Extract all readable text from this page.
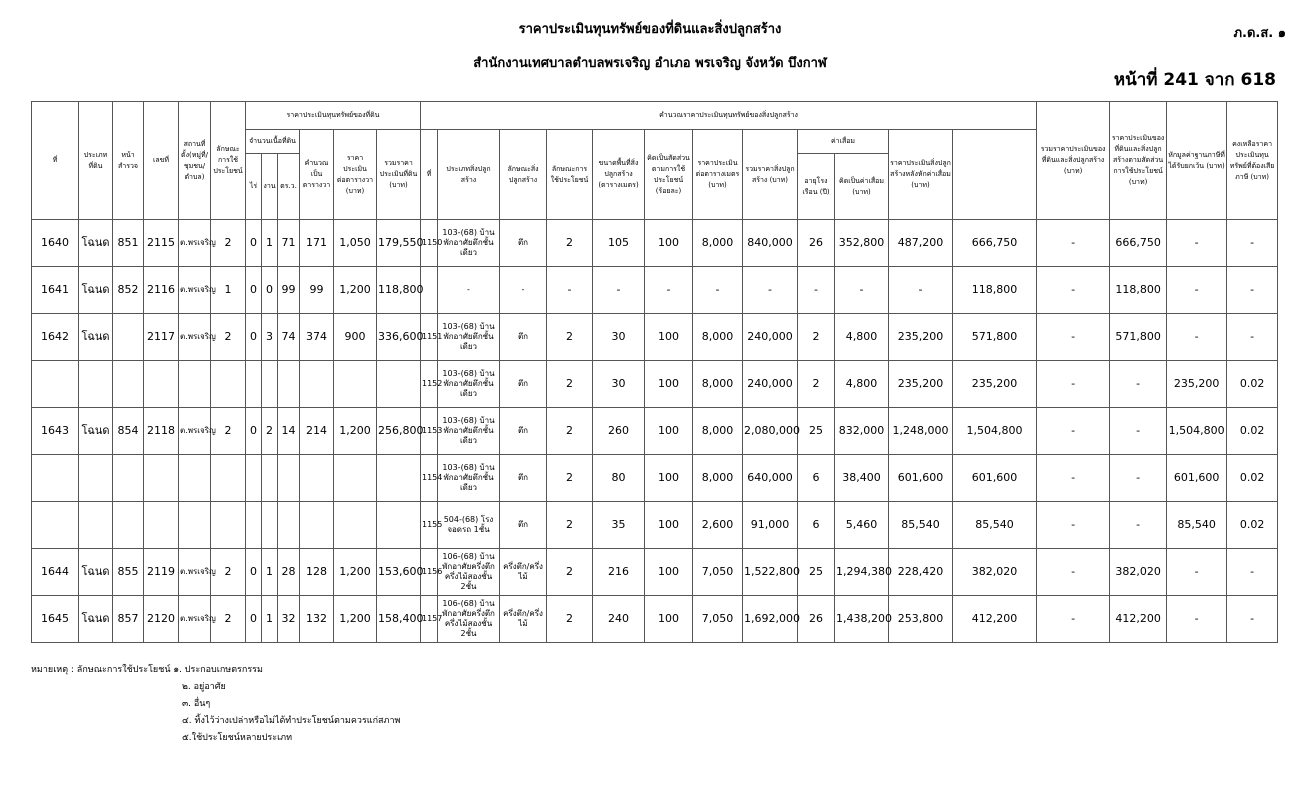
ราคาประเมินทุนทรัพย์ของที่ดินและสิ่งปลูกสร้าง
สำนักงานเทศบาลตำบลพรเจริญ อำเภอ พรเจริญ จังหวัด บึงกาฬ
ภ.ด.ส. ๑
หน้าที่ 241 จาก 618
ที่	ประเภทที่ดิน	หน้าสำรวจ	เลขที่	สถานที่ตั้ง(หมู่ที่/ชุมชน/ตำบล)	ลักษณะการใช้ประโยชน์	ราคาประเมินทุนทรัพย์ของที่ดิน						คำนวณราคาประเมินทุนทรัพย์ของสิ่งปลูกสร้าง												รวมราคาประเมินของที่ดินและสิ่งปลูกสร้าง (บาท)	ราคาประเมินของที่ดินและสิ่งปลูกสร้างตามสัดส่วนการใช้ประโยชน์ (บาท)	หักมูลค่าฐานภาษีที่ได้รับยกเว้น (บาท)	คงเหลือราคาประเมินทุนทรัพย์ที่ต้องเสียภาษี (บาท)	
						จำนวนเนื้อที่ดิน			คำนวณเป็นตารางวา	ราคาประเมินต่อตารางวา (บาท)	รวมราคาประเมินที่ดิน (บาท)	ที่	ประเภทสิ่งปลูกสร้าง	ลักษณะสิ่งปลูกสร้าง	ลักษณะการใช้ประโยชน์	ขนาดพื้นที่สิ่งปลูกสร้าง (ตารางเมตร)	คิดเป็นสัดส่วนตามการใช้ประโยชน์ (ร้อยละ)	ราคาประเมินต่อตารางเมตร (บาท)	รวมราคาสิ่งปลูกสร้าง (บาท)	ค่าเสื่อม		ราคาประเมินสิ่งปลูกสร้างหลังหักค่าเสื่อม (บาท)						
						ไร่	งาน	ตร.ว.												อายุโรงเรือน (ปี)	คิดเป็นค่าเสื่อม (บาท)							
1640	โฉนด	851	2115	ต.พรเจริญ	2	0	1	71	171	1,050	179,550	1150	103-(68) บ้านพักอาศัยตึกชั้นเดียว	ตึก	2	105	100	8,000	840,000	26	352,800	487,200	666,750	-	666,750	-	-	
1641	โฉนด	852	2116	ต.พรเจริญ	1	0	0	99	99	1,200	118,800		-	-	-	-	-	-	-	-	-	-	118,800	-	118,800	-	-	
1642	โฉนด		2117	ต.พรเจริญ	2	0	3	74	374	900	336,600	1151	103-(68) บ้านพักอาศัยตึกชั้นเดียว	ตึก	2	30	100	8,000	240,000	2	4,800	235,200	571,800	-	571,800	-	-	
												1152	103-(68) บ้านพักอาศัยตึกชั้นเดียว	ตึก	2	30	100	8,000	240,000	2	4,800	235,200	235,200	-	-	235,200	0.02	
1643	โฉนด	854	2118	ต.พรเจริญ	2	0	2	14	214	1,200	256,800	1153	103-(68) บ้านพักอาศัยตึกชั้นเดียว	ตึก	2	260	100	8,000	2,080,000	25	832,000	1,248,000	1,504,800	-	-	1,504,800	0.02	
												1154	103-(68) บ้านพักอาศัยตึกชั้นเดียว	ตึก	2	80	100	8,000	640,000	6	38,400	601,600	601,600	-	-	601,600	0.02	
												1155	504-(68) โรงจอดรถ 1ชั้น	ตึก	2	35	100	2,600	91,000	6	5,460	85,540	85,540	-	-	85,540	0.02	
1644	โฉนด	855	2119	ต.พรเจริญ	2	0	1	28	128	1,200	153,600	1156	106-(68) บ้านพักอาศัยครึ่งตึกครึ่งไม้สองชั้น 2ชั้น	ครึ่งตึก/ครึ่งไม้	2	216	100	7,050	1,522,800	25	1,294,380	228,420	382,020	-	382,020	-	-	
1645	โฉนด	857	2120	ต.พรเจริญ	2	0	1	32	132	1,200	158,400	1157	106-(68) บ้านพักอาศัยครึ่งตึกครึ่งไม้สองชั้น 2ชั้น	ครึ่งตึก/ครึ่งไม้	2	240	100	7,050	1,692,000	26	1,438,200	253,800	412,200	-	412,200	-	-	
หมายเหตุ : ลักษณะการใช้ประโยชน์ ๑. ประกอบเกษตรกรรม
๒. อยู่อาศัย
๓. อื่นๆ
๔. ทิ้งไว้ว่างเปล่าหรือไม่ได้ทำประโยชน์ตามควรแก่สภาพ
๕.ใช้ประโยชน์หลายประเภท
